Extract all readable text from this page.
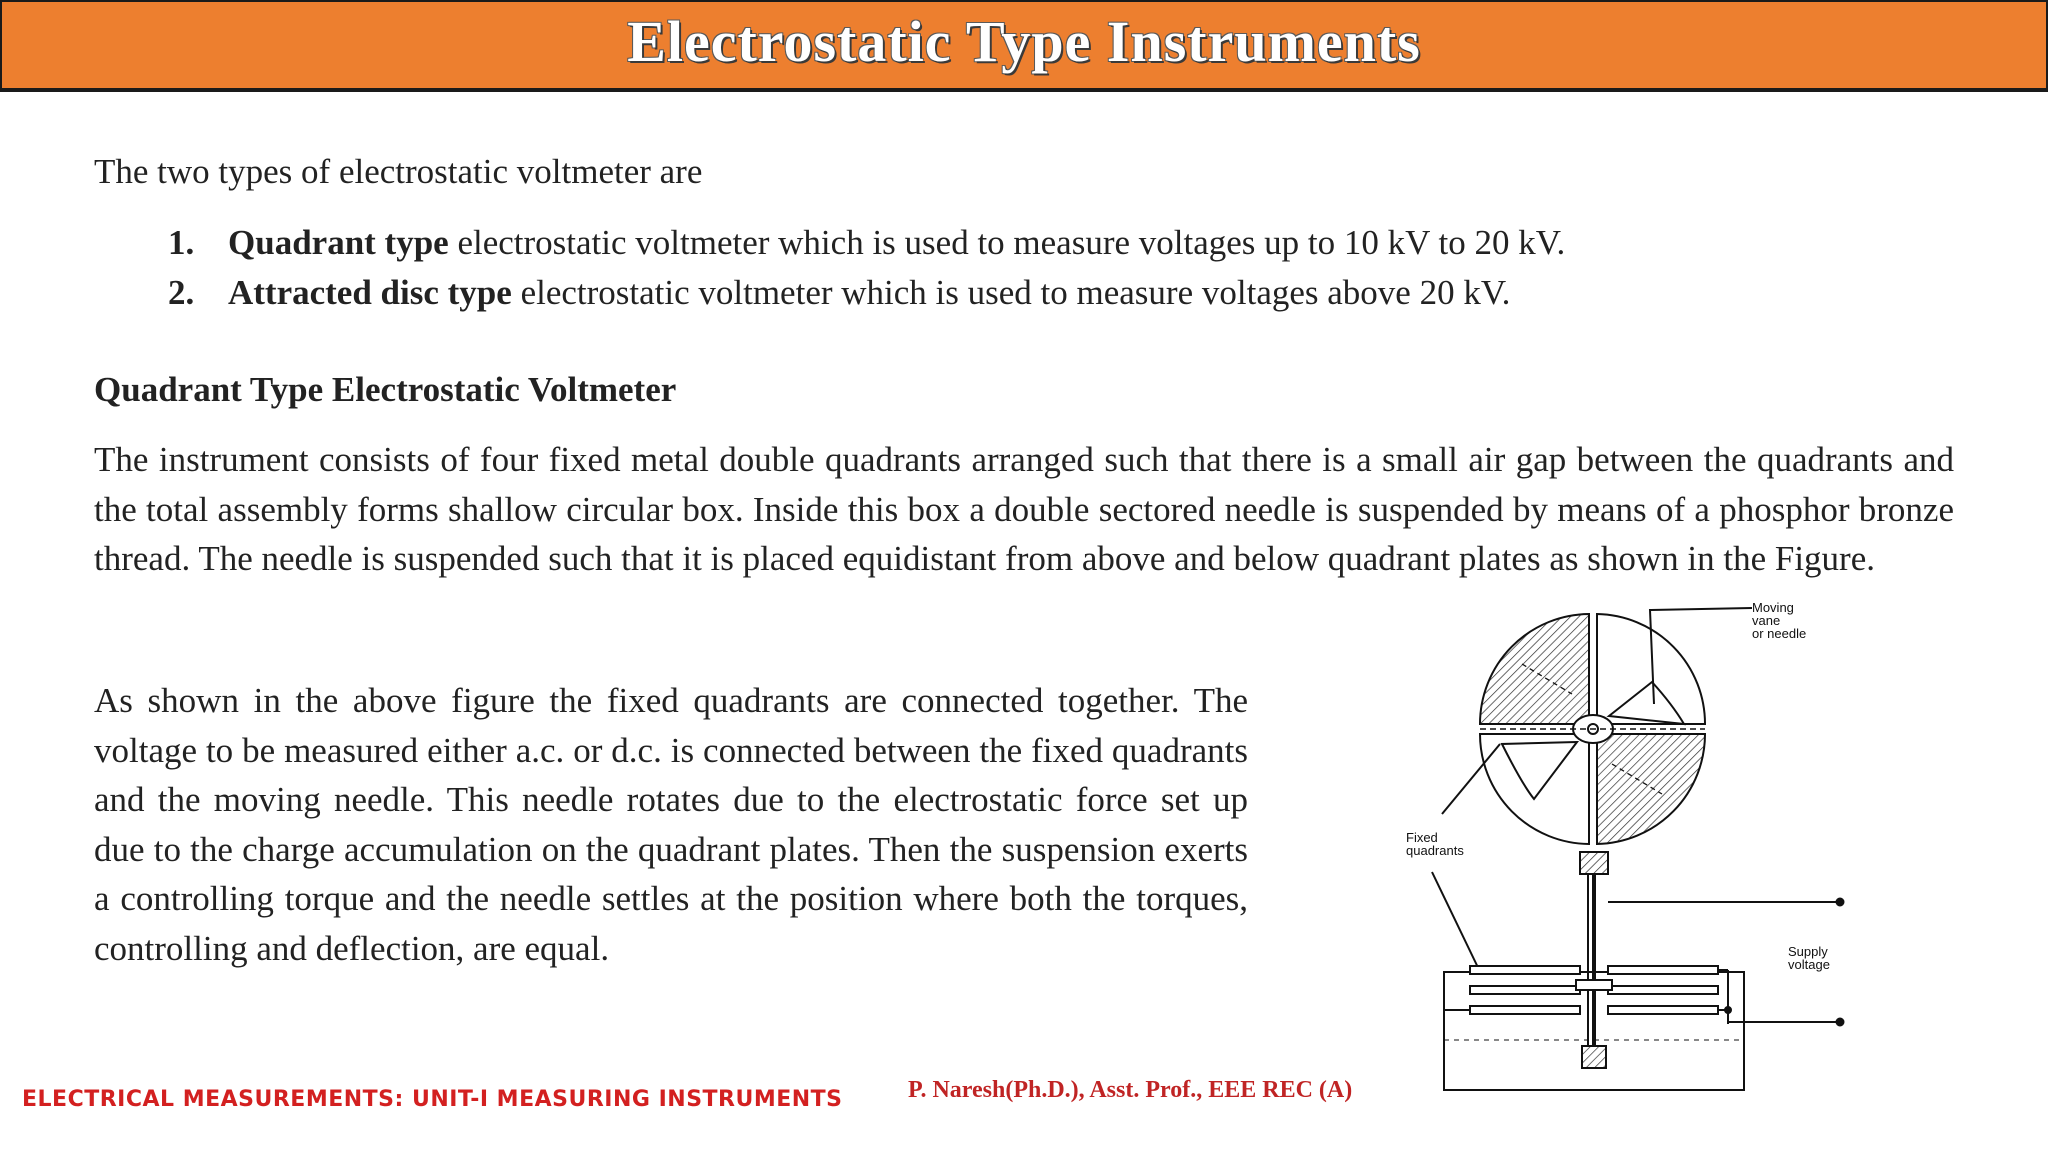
Electrostatic Type Instruments
The two types of electrostatic voltmeter are
1. Quadrant type electrostatic voltmeter which is used to measure voltages up to 10 kV to 20 kV.
2. Attracted disc type electrostatic voltmeter which is used to measure voltages above 20 kV.
Quadrant Type Electrostatic Voltmeter

The instrument consists of four fixed metal double quadrants arranged such that there is a small air gap between the quadrants and the total assembly forms shallow circular box. Inside this box a double sectored needle is suspended by means of a phosphor bronze thread. The needle is suspended such that it is placed equidistant from above and below quadrant plates as shown in the Figure.

As shown in the above figure the fixed quadrants are connected together. The voltage to be measured either a.c. or d.c. is connected between the fixed quadrants and the moving needle. This needle rotates due to the electrostatic force set up due to the charge accumulation on the quadrant plates. Then the suspension exerts a controlling torque and the needle settles at the position where both the torques, controlling and deflection, are equal.

Moving vane or needle
Fixed quadrants
Supply voltage
ELECTRICAL MEASUREMENTS: UNIT-I MEASURING INSTRUMENTS	P. Naresh(Ph.D.), Asst. Prof., EEE REC (A)
